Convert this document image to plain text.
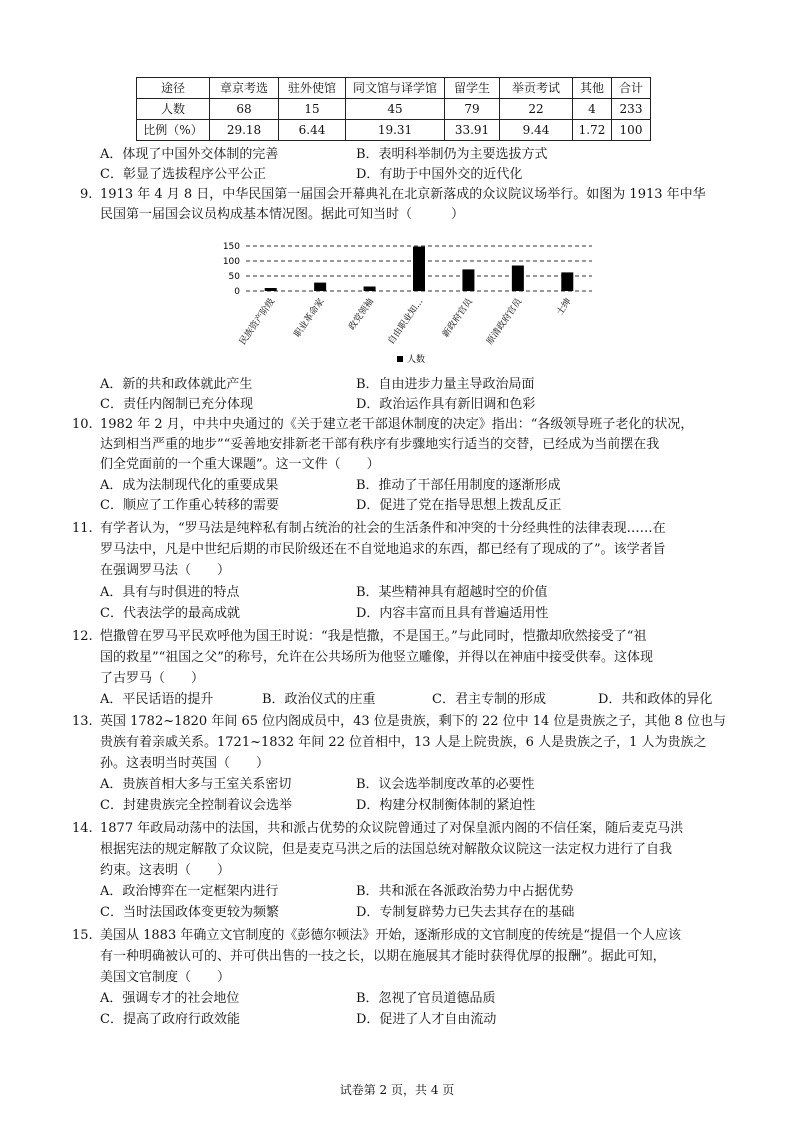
途径	章京考选	驻外使馆	同文馆与译学馆	留学生	举贡考试	其他	合计
人数	68	15	45	79	22	4	233
比例（%）	29.18	6.44	19.31	33.91	9.44	1.72	100
A．体现了中国外交体制的完善	B．表明科举制仍为主要选拔方式
C．彰显了选拔程序公平公正	D．有助于中国外交的近代化
9. 1913 年 4 月 8 日，中华民国第一届国会开幕典礼在北京新落成的众议院议场举行。如图为 1913 年中华
民国第一届国会议员构成基本情况图。据此可知当时（　　　）
150
100
50
0
民族资产阶级 职业革命家 政党领袖 自由职业知... 新政府官员 原清政府官员	士绅
人数
A．新的共和政体就此产生	B．自由进步力量主导政治局面
C．责任内阁制已充分体现	D．政治运作具有新旧调和色彩
10. 1982 年 2 月，中共中央通过的《关于建立老干部退休制度的决定》指出：“各级领导班子老化的状况，
达到相当严重的地步”“妥善地安排新老干部有秩序有步骤地实行适当的交替，已经成为当前摆在我
们全党面前的一个重大课题”。这一文件（　　）
A．成为法制现代化的重要成果	B．推动了干部任用制度的逐渐形成
C．顺应了工作重心转移的需要	D．促进了党在指导思想上拨乱反正
11. 有学者认为，“罗马法是纯粹私有制占统治的社会的生活条件和冲突的十分经典性的法律表现……在
罗马法中，凡是中世纪后期的市民阶级还在不自觉地追求的东西，都已经有了现成的了”。该学者旨
在强调罗马法（　　）
A．具有与时俱进的特点	B．某些精神具有超越时空的价值
C．代表法学的最高成就	D．内容丰富而且具有普遍适用性
12. 恺撒曾在罗马平民欢呼他为国王时说：“我是恺撒，不是国王。”与此同时，恺撒却欣然接受了“祖
国的救星”“祖国之父”的称号，允许在公共场所为他竖立雕像，并得以在神庙中接受供奉。这体现
了古罗马（　　）
A．平民话语的提升	B．政治仪式的庄重	C．君主专制的形成	D．共和政体的异化
13. 英国 1782~1820 年间 65 位内阁成员中，43 位是贵族，剩下的 22 位中 14 位是贵族之子，其他 8 位也与
贵族有着亲戚关系。1721~1832 年间 22 位首相中，13 人是上院贵族，6 人是贵族之子，1 人为贵族之
孙。这表明当时英国（　　）
A．贵族首相大多与王室关系密切	B．议会选举制度改革的必要性
C．封建贵族完全控制着议会选举	D．构建分权制衡体制的紧迫性
14. 1877 年政局动荡中的法国，共和派占优势的众议院曾通过了对保皇派内阁的不信任案，随后麦克马洪
根据宪法的规定解散了众议院，但是麦克马洪之后的法国总统对解散众议院这一法定权力进行了自我
约束。这表明（　　）
A．政治博弈在一定框架内进行	B．共和派在各派政治势力中占据优势
C．当时法国政体变更较为频繁	D．专制复辟势力已失去其存在的基础
15. 美国从 1883 年确立文官制度的《彭德尔顿法》开始，逐渐形成的文官制度的传统是“提倡一个人应该
有一种明确被认可的、并可供出售的一技之长，以期在施展其才能时获得优厚的报酬”。据此可知，
美国文官制度（　　）
A．强调专才的社会地位	B．忽视了官员道德品质
C．提高了政府行政效能	D．促进了人才自由流动
试卷第 2 页，共 4 页
